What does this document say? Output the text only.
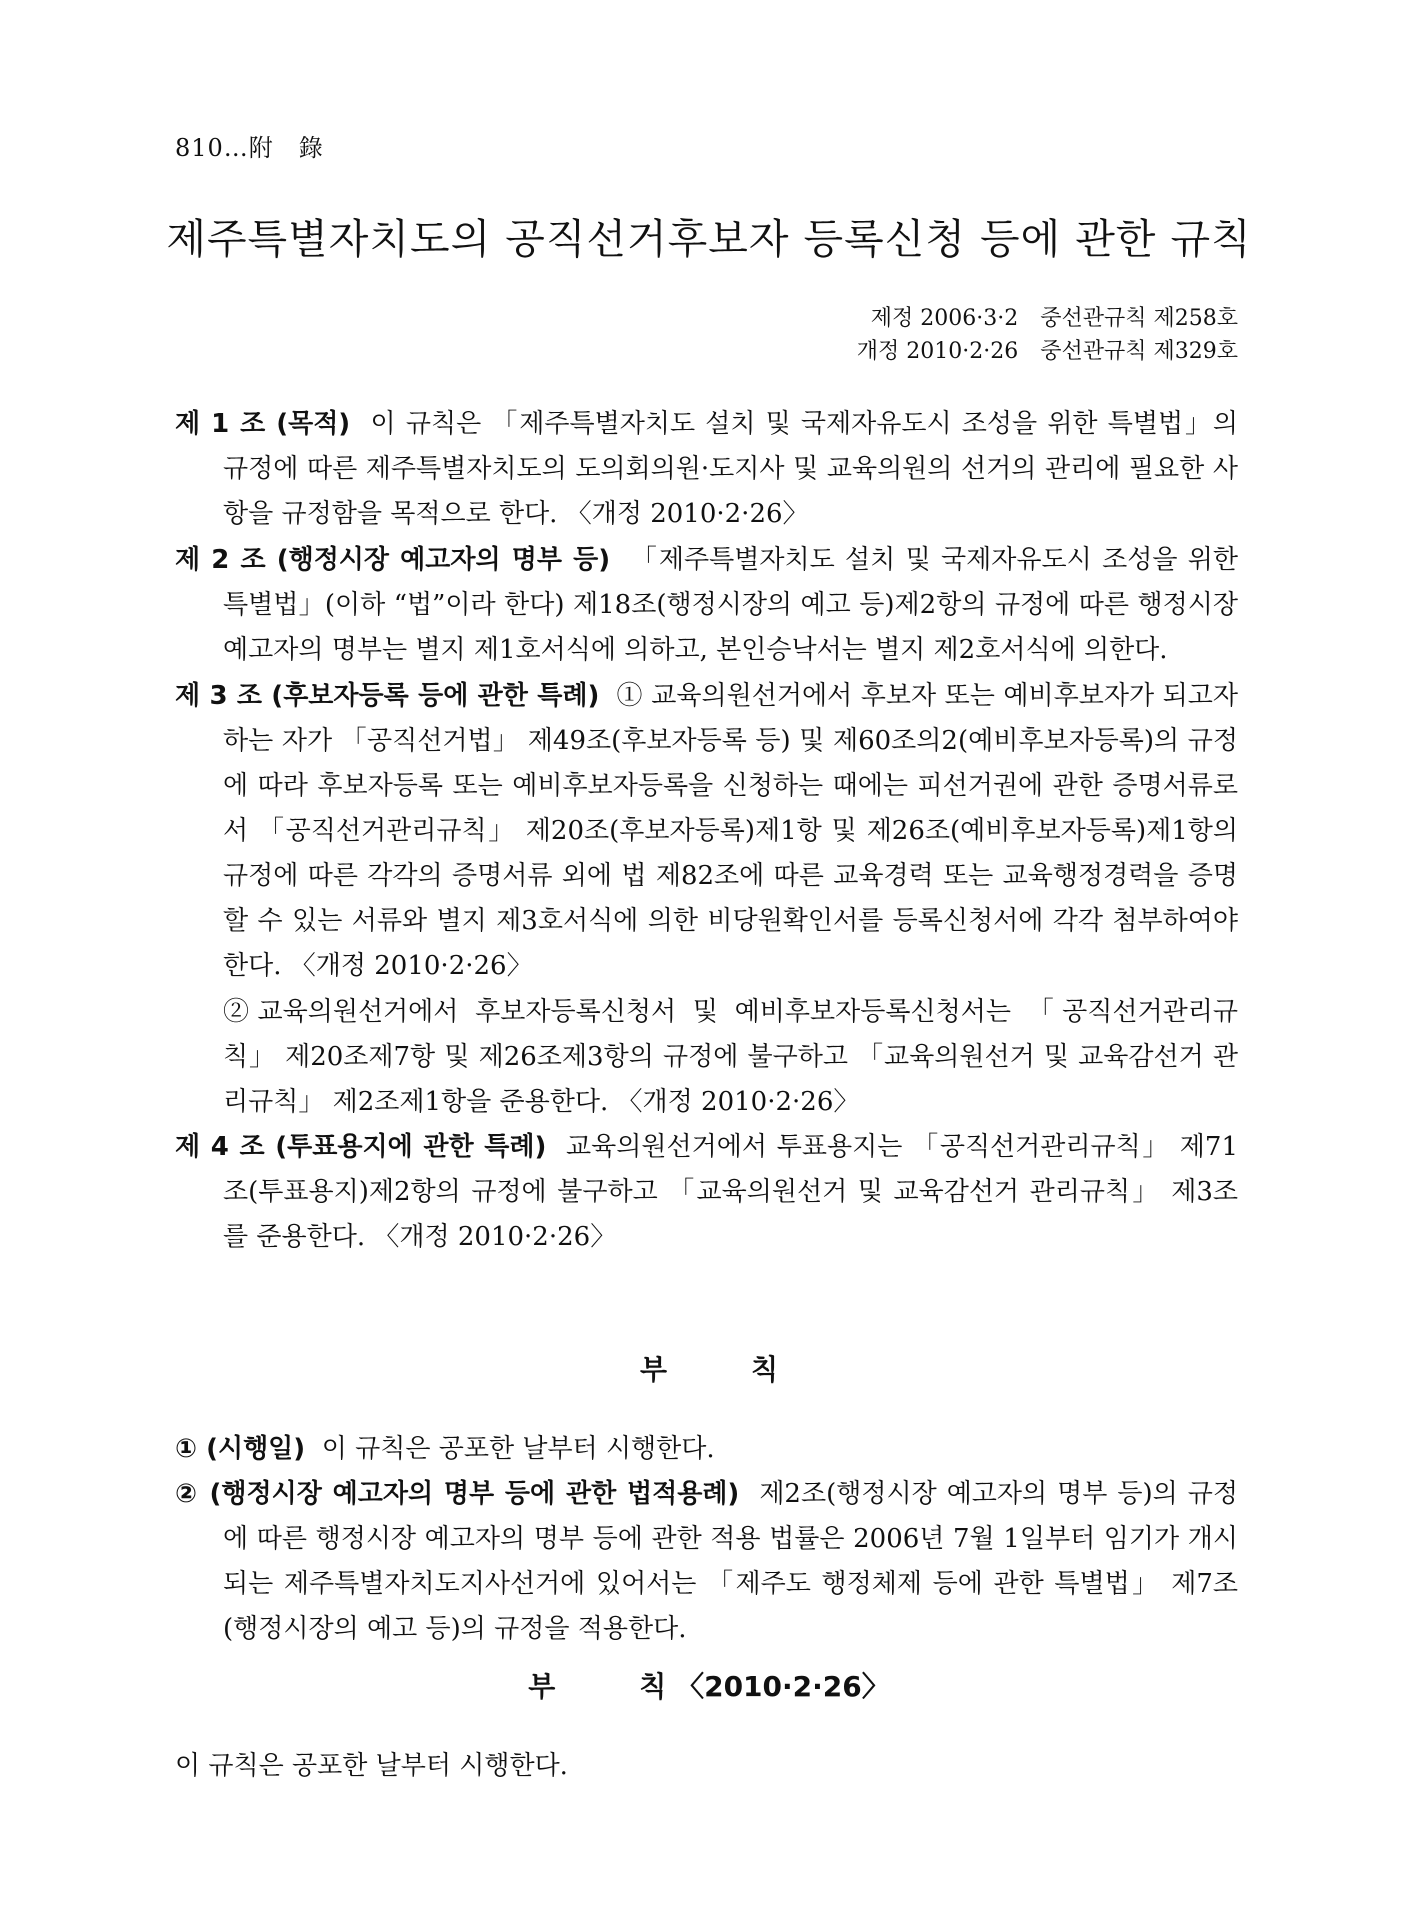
810…附　錄
제주특별자치도의 공직선거후보자 등록신청 등에 관한 규칙
제정 2006·3·2　중선관규칙 제258호
개정 2010·2·26　중선관규칙 제329호
제 1 조 (목적) 이 규칙은 「제주특별자치도 설치 및 국제자유도시 조성을 위한 특별법」의 규정에 따른 제주특별자치도의 도의회의원·도지사 및 교육의원의 선거의 관리에 필요한 사항을 규정함을 목적으로 한다. 〈개정 2010·2·26〉
제 2 조 (행정시장 예고자의 명부 등) 「제주특별자치도 설치 및 국제자유도시 조성을 위한 특별법」(이하 “법”이라 한다) 제18조(행정시장의 예고 등)제2항의 규정에 따른 행정시장 예고자의 명부는 별지 제1호서식에 의하고, 본인승낙서는 별지 제2호서식에 의한다.
제 3 조 (후보자등록 등에 관한 특례) ① 교육의원선거에서 후보자 또는 예비후보자가 되고자 하는 자가 「공직선거법」 제49조(후보자등록 등) 및 제60조의2(예비후보자등록)의 규정에 따라 후보자등록 또는 예비후보자등록을 신청하는 때에는 피선거권에 관한 증명서류로서 「공직선거관리규칙」 제20조(후보자등록)제1항 및 제26조(예비후보자등록)제1항의 규정에 따른 각각의 증명서류 외에 법 제82조에 따른 교육경력 또는 교육행정경력을 증명할 수 있는 서류와 별지 제3호서식에 의한 비당원확인서를 등록신청서에 각각 첨부하여야 한다. 〈개정 2010·2·26〉
②교육의원선거에서 후보자등록신청서 및 예비후보자등록신청서는 「공직선거관리규칙」 제20조제7항 및 제26조제3항의 규정에 불구하고 「교육의원선거 및 교육감선거 관리규칙」 제2조제1항을 준용한다. 〈개정 2010·2·26〉
제 4 조 (투표용지에 관한 특례) 교육의원선거에서 투표용지는 「공직선거관리규칙」 제71조(투표용지)제2항의 규정에 불구하고 「교육의원선거 및 교육감선거 관리규칙」 제3조를 준용한다. 〈개정 2010·2·26〉
부　　　칙
① (시행일) 이 규칙은 공포한 날부터 시행한다.
② (행정시장 예고자의 명부 등에 관한 법적용례) 제2조(행정시장 예고자의 명부 등)의 규정에 따른 행정시장 예고자의 명부 등에 관한 적용 법률은 2006년 7월 1일부터 임기가 개시되는 제주특별자치도지사선거에 있어서는 「제주도 행정체제 등에 관한 특별법」 제7조(행정시장의 예고 등)의 규정을 적용한다.
부　　　칙 〈2010·2·26〉
이 규칙은 공포한 날부터 시행한다.
